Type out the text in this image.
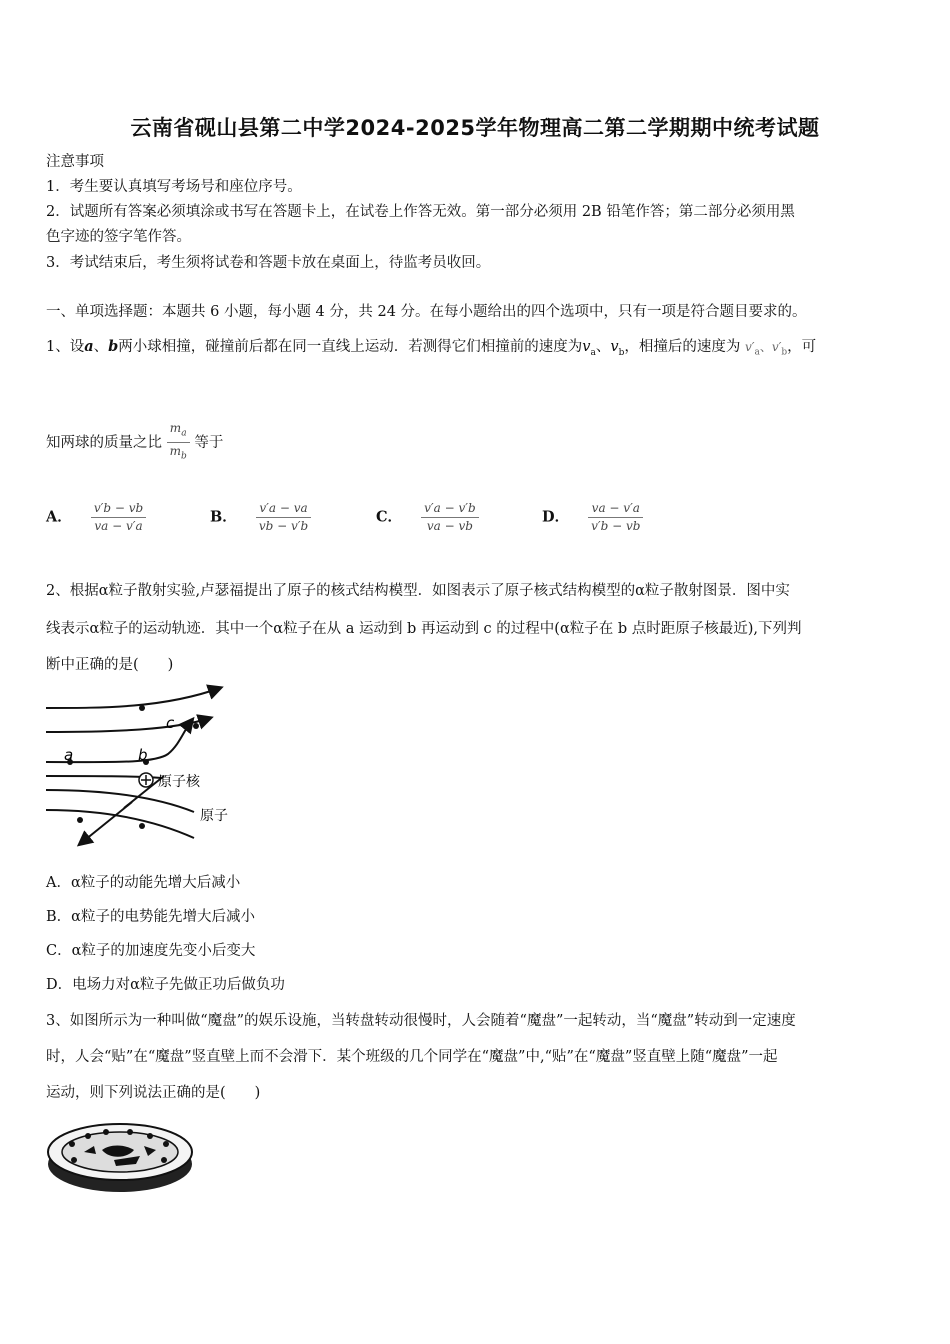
云南省砚山县第二中学2024-2025学年物理高二第二学期期中统考试题
注意事项
1．考生要认真填写考场号和座位序号。
2．试题所有答案必须填涂或书写在答题卡上，在试卷上作答无效。第一部分必须用 2B 铅笔作答；第二部分必须用黑
色字迹的签字笔作答。
3．考试结束后，考生须将试卷和答题卡放在桌面上，待监考员收回。
一、单项选择题：本题共 6 小题，每小题 4 分，共 24 分。在每小题给出的四个选项中，只有一项是符合题目要求的。
1、设a、b两小球相撞，碰撞前后都在同一直线上运动．若测得它们相撞前的速度为$v_a$、$v_b$，相撞后的速度为 $v'_a$、$v'_b$，可
知两球的质量之比 $\frac{m_a}{m_b}$ 等于
A． $\frac{v'b - vb}{va - v'a}$	B． $\frac{v'a - va}{vb - v'b}$	C． $\frac{v'a - v'b}{va - vb}$	D． $\frac{va - v'a}{v'b - vb}$
2、根据α粒子散射实验,卢瑟福提出了原子的核式结构模型．如图表示了原子核式结构模型的α粒子散射图景．图中实
线表示α粒子的运动轨迹．其中一个α粒子在从 a 运动到 b 再运动到 c 的过程中(α粒子在 b 点时距原子核最近),下列判
断中正确的是(　　)
a	b
c
原子核
原子
A．α粒子的动能先增大后减小
B．α粒子的电势能先增大后减小
C．α粒子的加速度先变小后变大
D．电场力对α粒子先做正功后做负功
3、如图所示为一种叫做“魔盘”的娱乐设施，当转盘转动很慢时，人会随着“魔盘”一起转动，当“魔盘”转动到一定速度
时，人会“贴”在“魔盘”竖直壁上而不会滑下．某个班级的几个同学在“魔盘”中,“贴”在“魔盘”竖直壁上随“魔盘”一起
运动，则下列说法正确的是(　　)
